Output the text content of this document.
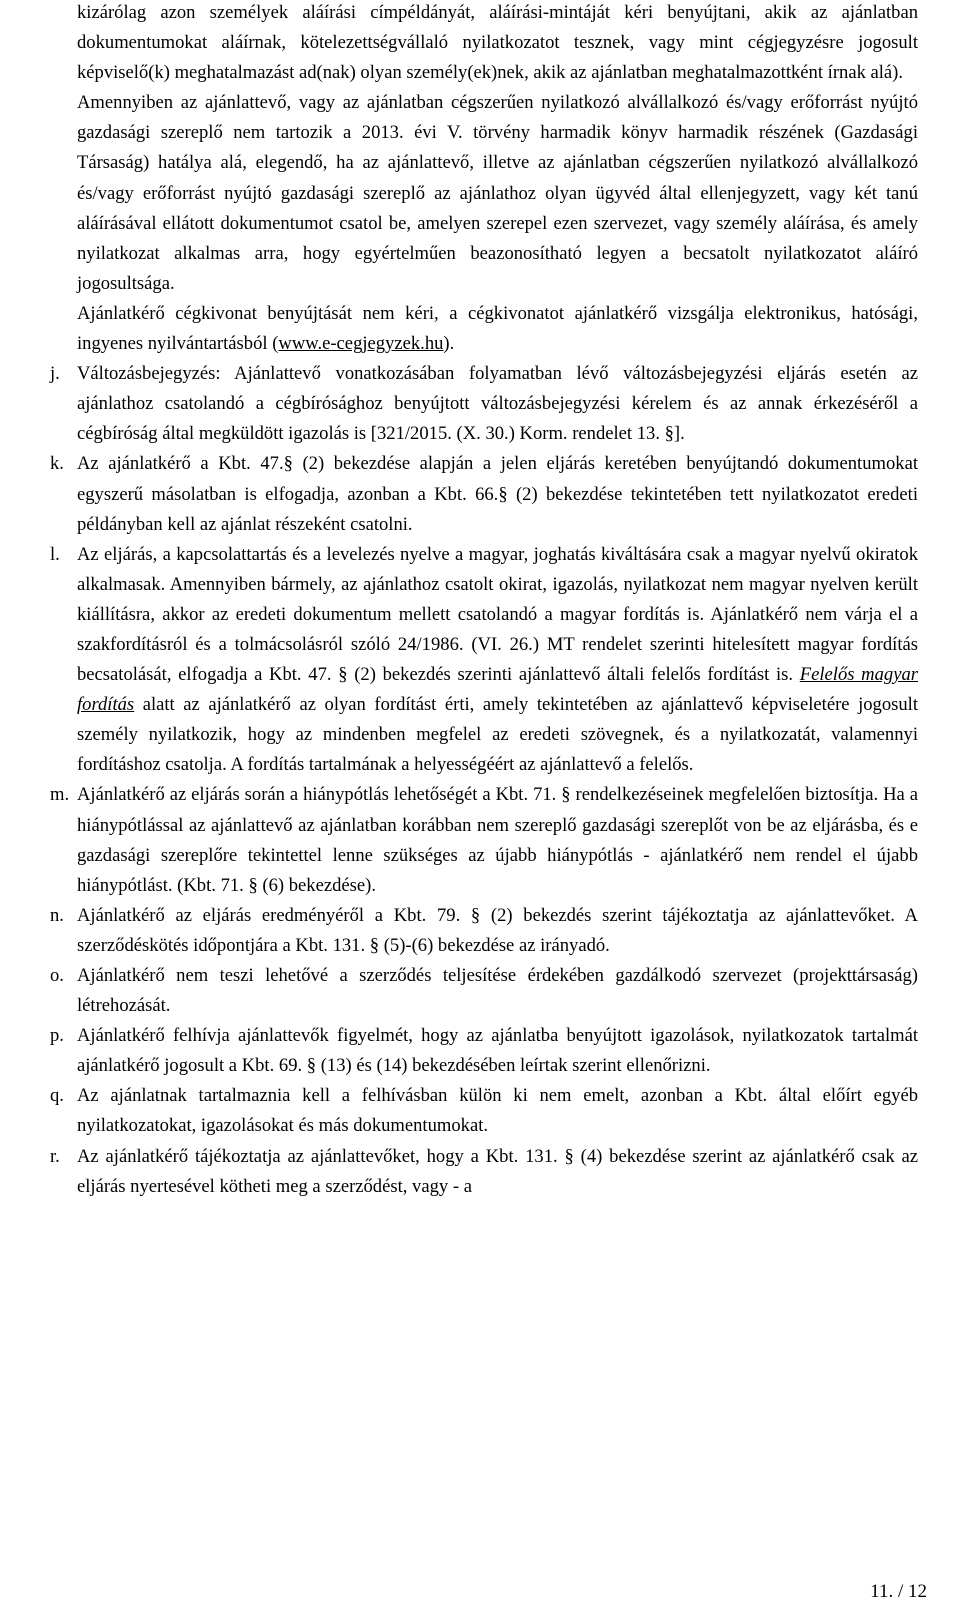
kizárólag azon személyek aláírási címpéldányát, aláírási-mintáját kéri benyújtani, akik az ajánlatban dokumentumokat aláírnak, kötelezettségvállaló nyilatkozatot tesznek, vagy mint cégjegyzésre jogosult képviselő(k) meghatalmazást ad(nak) olyan személy(ek)nek, akik az ajánlatban meghatalmazottként írnak alá).

Amennyiben az ajánlattevő, vagy az ajánlatban cégszerűen nyilatkozó alvállalkozó és/vagy erőforrást nyújtó gazdasági szereplő nem tartozik a 2013. évi V. törvény harmadik könyv harmadik részének (Gazdasági Társaság) hatálya alá, elegendő, ha az ajánlattevő, illetve az ajánlatban cégszerűen nyilatkozó alvállalkozó és/vagy erőforrást nyújtó gazdasági szereplő az ajánlathoz olyan ügyvéd által ellenjegyzett, vagy két tanú aláírásával ellátott dokumentumot csatol be, amelyen szerepel ezen szervezet, vagy személy aláírása, és amely nyilatkozat alkalmas arra, hogy egyértelműen beazonosítható legyen a becsatolt nyilatkozatot aláíró jogosultsága.

Ajánlatkérő cégkivonat benyújtását nem kéri, a cégkivonatot ajánlatkérő vizsgálja elektronikus, hatósági, ingyenes nyilvántartásból (www.e-cegjegyzek.hu).

j. Változásbejegyzés: Ajánlattevő vonatkozásában folyamatban lévő változásbejegyzési eljárás esetén az ajánlathoz csatolandó a cégbírósághoz benyújtott változásbejegyzési kérelem és az annak érkezéséről a cégbíróság által megküldött igazolás is [321/2015. (X. 30.) Korm. rendelet 13. §].

k. Az ajánlatkérő a Kbt. 47.§ (2) bekezdése alapján a jelen eljárás keretében benyújtandó dokumentumokat egyszerű másolatban is elfogadja, azonban a Kbt. 66.§ (2) bekezdése tekintetében tett nyilatkozatot eredeti példányban kell az ajánlat részeként csatolni.

l. Az eljárás, a kapcsolattartás és a levelezés nyelve a magyar, joghatás kiváltására csak a magyar nyelvű okiratok alkalmasak. Amennyiben bármely, az ajánlathoz csatolt okirat, igazolás, nyilatkozat nem magyar nyelven került kiállításra, akkor az eredeti dokumentum mellett csatolandó a magyar fordítás is. Ajánlatkérő nem várja el a szakfordításról és a tolmácsolásról szóló 24/1986. (VI. 26.) MT rendelet szerinti hitelesített magyar fordítás becsatolását, elfogadja a Kbt. 47. § (2) bekezdés szerinti ajánlattevő általi felelős fordítást is. Felelős magyar fordítás alatt az ajánlatkérő az olyan fordítást érti, amely tekintetében az ajánlattevő képviseletére jogosult személy nyilatkozik, hogy az mindenben megfelel az eredeti szövegnek, és a nyilatkozatát, valamennyi fordításhoz csatolja. A fordítás tartalmának a helyességéért az ajánlattevő a felelős.

m. Ajánlatkérő az eljárás során a hiánypótlás lehetőségét a Kbt. 71. § rendelkezéseinek megfelelően biztosítja. Ha a hiánypótlással az ajánlattevő az ajánlatban korábban nem szereplő gazdasági szereplőt von be az eljárásba, és e gazdasági szereplőre tekintettel lenne szükséges az újabb hiánypótlás - ajánlatkérő nem rendel el újabb hiánypótlást. (Kbt. 71. § (6) bekezdése).

n. Ajánlatkérő az eljárás eredményéről a Kbt. 79. § (2) bekezdés szerint tájékoztatja az ajánlattevőket. A szerződéskötés időpontjára a Kbt. 131. § (5)-(6) bekezdése az irányadó.

o. Ajánlatkérő nem teszi lehetővé a szerződés teljesítése érdekében gazdálkodó szervezet (projekttársaság) létrehozását.

p. Ajánlatkérő felhívja ajánlattevők figyelmét, hogy az ajánlatba benyújtott igazolások, nyilatkozatok tartalmát ajánlatkérő jogosult a Kbt. 69. § (13) és (14) bekezdésében leírtak szerint ellenőrizni.

q. Az ajánlatnak tartalmaznia kell a felhívásban külön ki nem emelt, azonban a Kbt. által előírt egyéb nyilatkozatokat, igazolásokat és más dokumentumokat.

r. Az ajánlatkérő tájékoztatja az ajánlattevőket, hogy a Kbt. 131. § (4) bekezdése szerint az ajánlatkérő csak az eljárás nyertesével kötheti meg a szerződést, vagy - a

11. / 12
